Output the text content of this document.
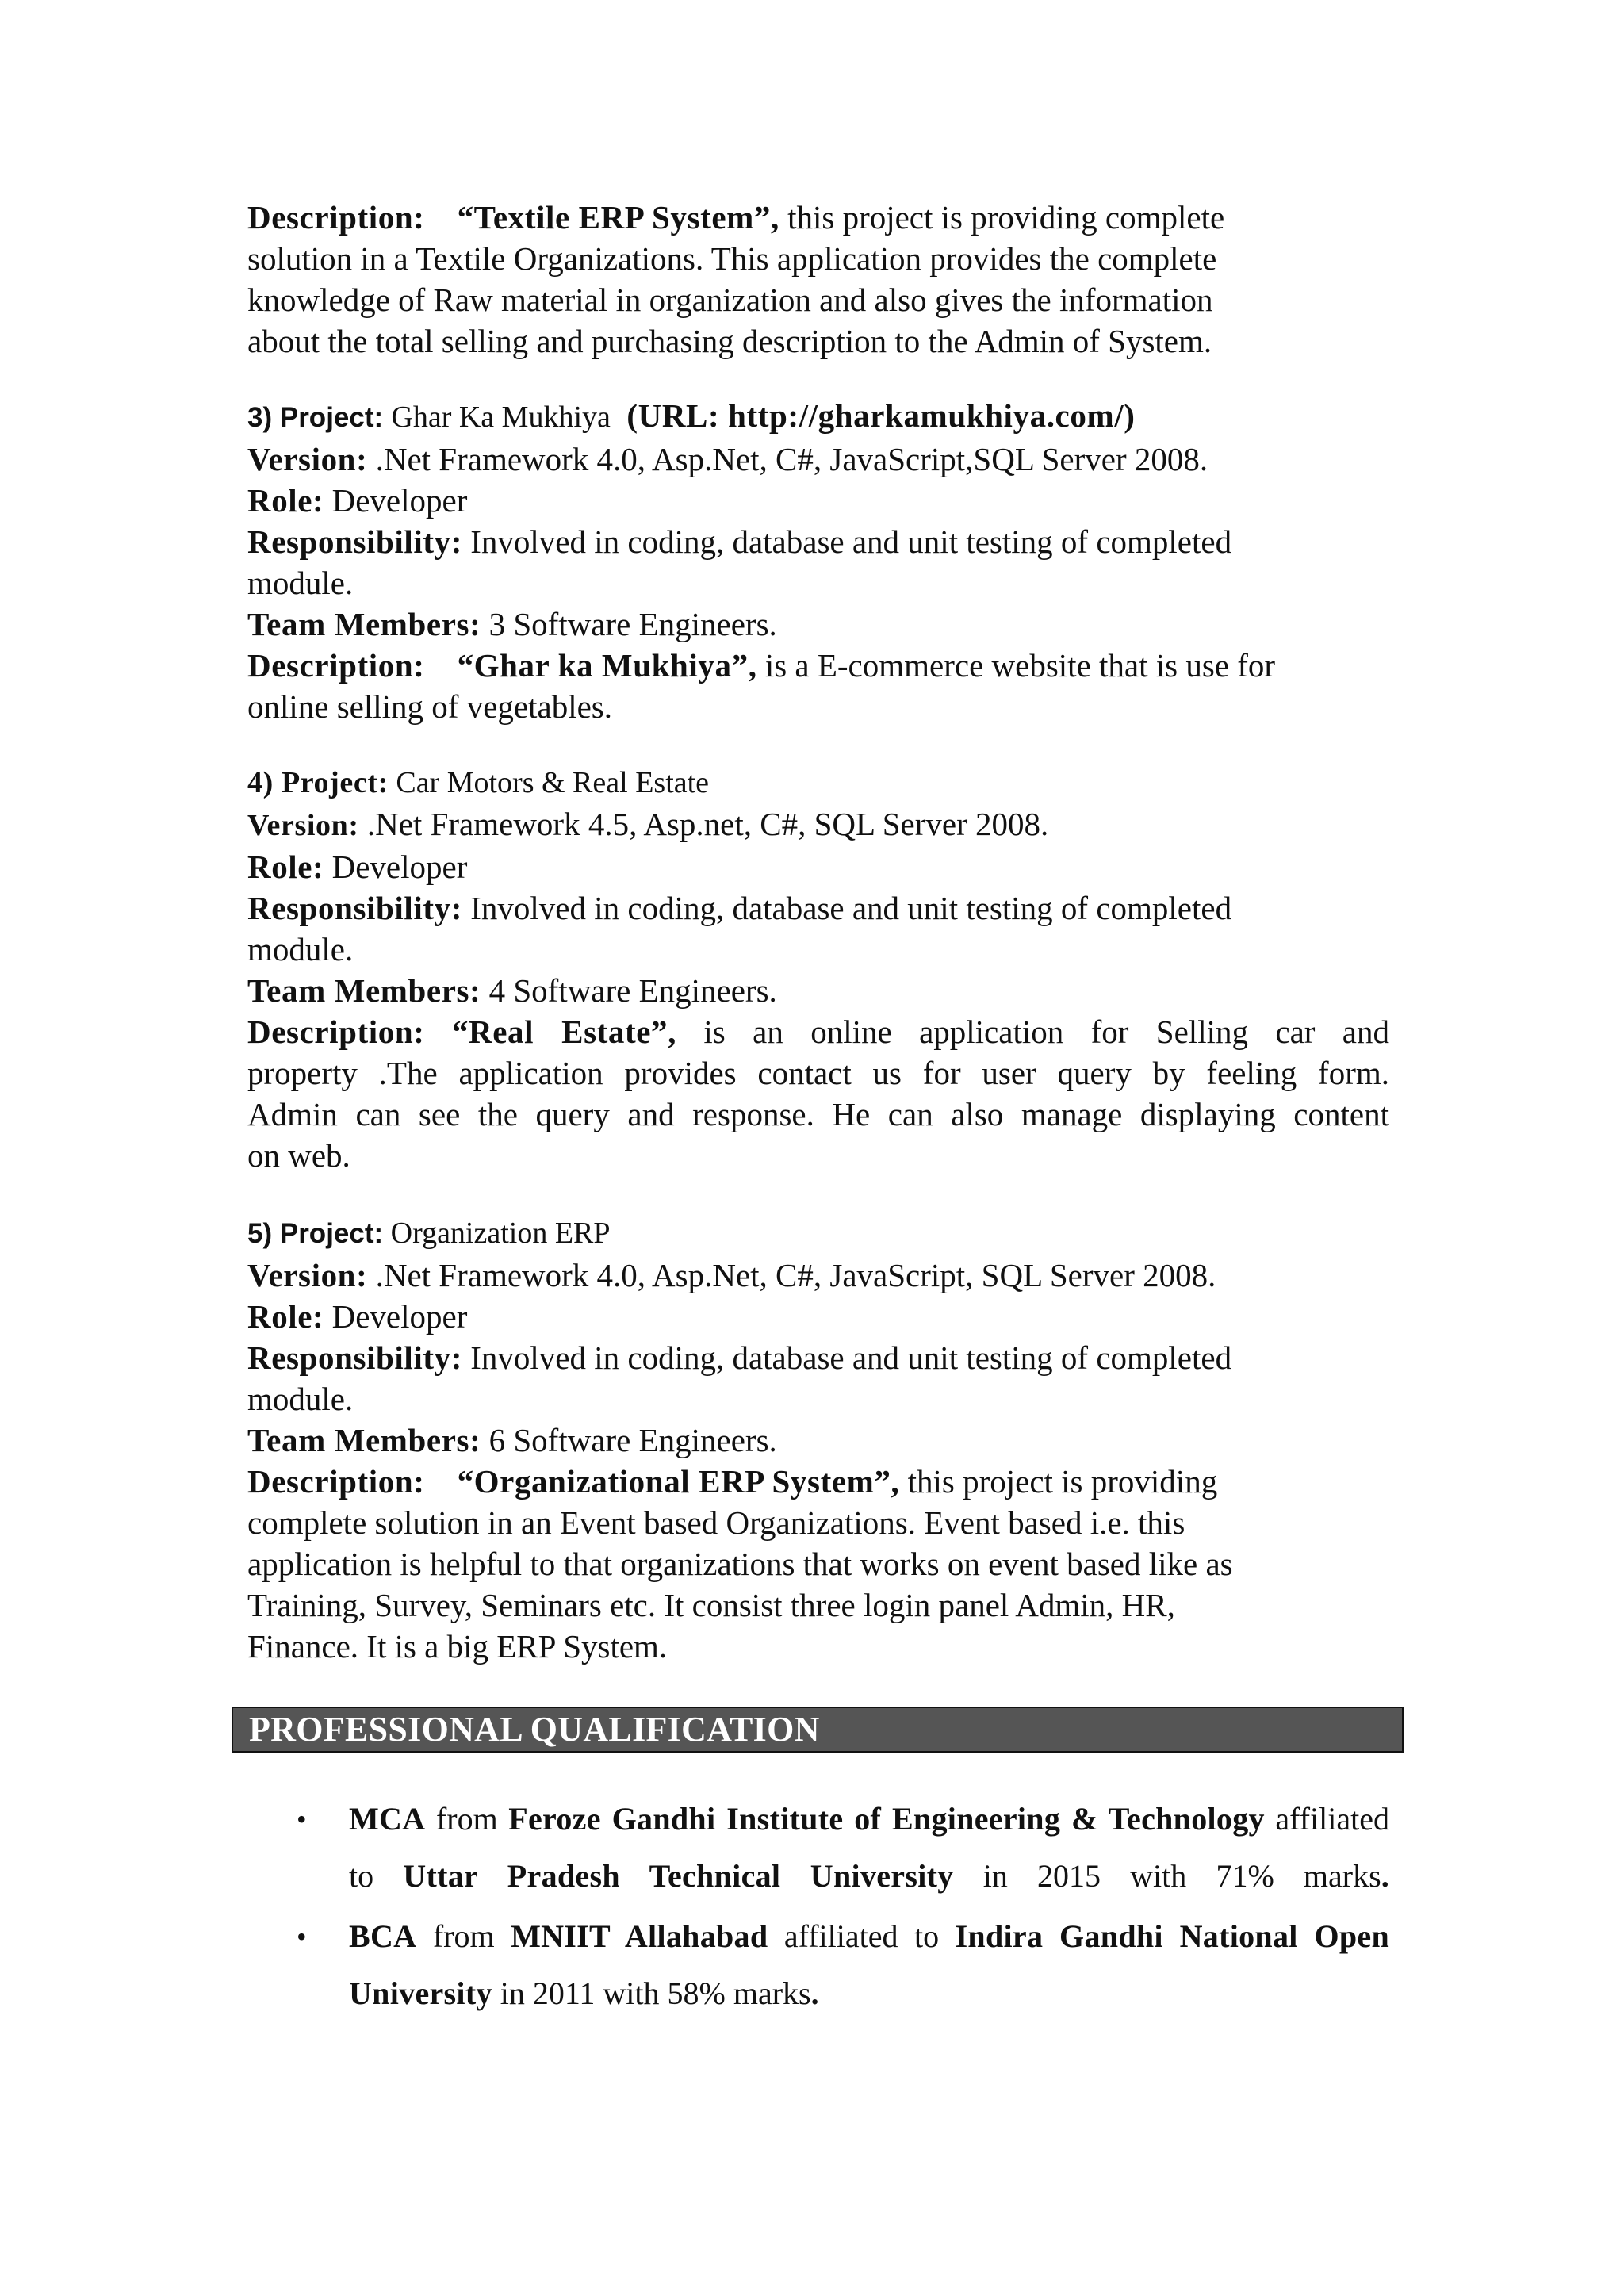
Description: “Textile ERP System”, this project is providing complete
solution in a Textile Organizations. This application provides the complete
knowledge of Raw material in organization and also gives the information
about the total selling and purchasing description to the Admin of System.
3) Project: Ghar Ka Mukhiya (URL: http://gharkamukhiya.com/)
Version: .Net Framework 4.0, Asp.Net, C#, JavaScript,SQL Server 2008.
Role: Developer
Responsibility: Involved in coding, database and unit testing of completed
module.
Team Members: 3 Software Engineers.
Description: “Ghar ka Mukhiya”, is a E-commerce website that is use for
online selling of vegetables.
4) Project: Car Motors & Real Estate
Version: .Net Framework 4.5, Asp.net, C#, SQL Server 2008.
Role: Developer
Responsibility: Involved in coding, database and unit testing of completed
module.
Team Members: 4 Software Engineers.
Description: “Real Estate”, is an online application for Selling car and
property .The application provides contact us for user query by feeling form.
Admin can see the query and response. He can also manage displaying content
on web.
5) Project: Organization ERP
Version: .Net Framework 4.0, Asp.Net, C#, JavaScript, SQL Server 2008.
Role: Developer
Responsibility: Involved in coding, database and unit testing of completed
module.
Team Members: 6 Software Engineers.
Description: “Organizational ERP System”, this project is providing
complete solution in an Event based Organizations. Event based i.e. this
application is helpful to that organizations that works on event based like as
Training, Survey, Seminars etc. It consist three login panel Admin, HR,
Finance. It is a big ERP System.
PROFESSIONAL QUALIFICATION
• MCA from Feroze Gandhi Institute of Engineering & Technology affiliated to Uttar Pradesh Technical University in 2015 with 71% marks.
• BCA from MNIIT Allahabad affiliated to Indira Gandhi National Open University in 2011 with 58% marks.
